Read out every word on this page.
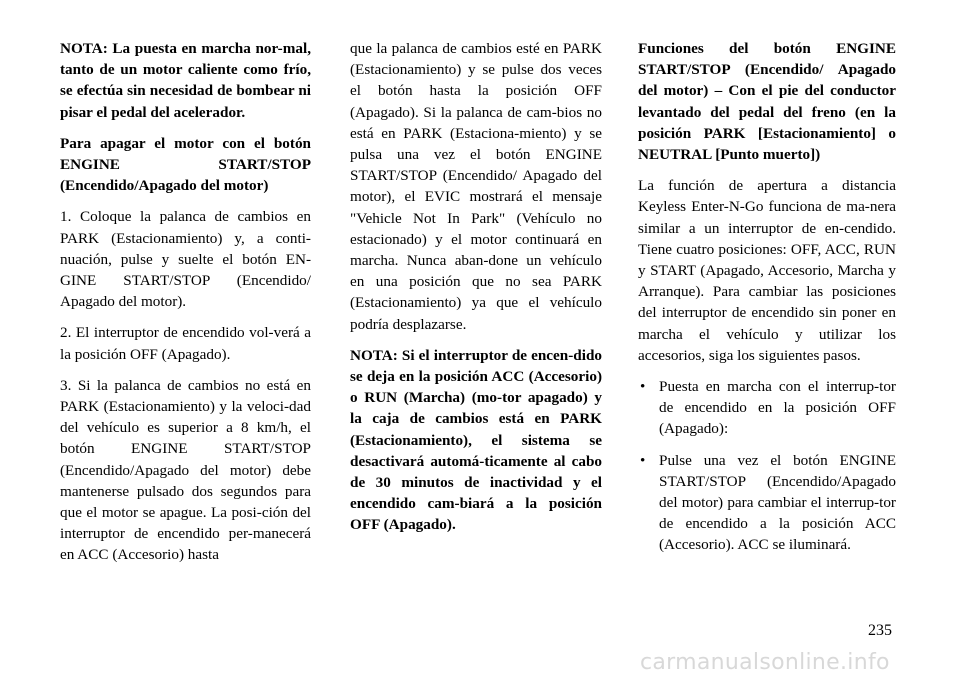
NOTA: La puesta en marcha nor-mal, tanto de un motor caliente como frío, se efectúa sin necesidad de bombear ni pisar el pedal del acelerador.

Para apagar el motor con el botón ENGINE START/STOP (Encendido/Apagado del motor)

1. Coloque la palanca de cambios en PARK (Estacionamiento) y, a conti-nuación, pulse y suelte el botón EN-GINE START/STOP (Encendido/ Apagado del motor).

2. El interruptor de encendido vol-verá a la posición OFF (Apagado).

3. Si la palanca de cambios no está en PARK (Estacionamiento) y la veloci-dad del vehículo es superior a 8 km/h, el botón ENGINE START/STOP (Encendido/Apagado del motor) debe mantenerse pulsado dos segundos para que el motor se apague. La posi-ción del interruptor de encendido per-manecerá en ACC (Accesorio) hasta

que la palanca de cambios esté en PARK (Estacionamiento) y se pulse dos veces el botón hasta la posición OFF (Apagado). Si la palanca de cam-bios no está en PARK (Estaciona-miento) y se pulsa una vez el botón ENGINE START/STOP (Encendido/ Apagado del motor), el EVIC mostrará el mensaje "Vehicle Not In Park" (Vehículo no estacionado) y el motor continuará en marcha. Nunca aban-done un vehículo en una posición que no sea PARK (Estacionamiento) ya que el vehículo podría desplazarse.

NOTA: Si el interruptor de encen-dido se deja en la posición ACC (Accesorio) o RUN (Marcha) (mo-tor apagado) y la caja de cambios está en PARK (Estacionamiento), el sistema se desactivará automá-ticamente al cabo de 30 minutos de inactividad y el encendido cam-biará a la posición OFF (Apagado).

Funciones del botón ENGINE START/STOP (Encendido/ Apagado del motor) – Con el pie del conductor levantado del pedal del freno (en la posición PARK [Estacionamiento] o NEUTRAL [Punto muerto])

La función de apertura a distancia Keyless Enter-N-Go funciona de ma-nera similar a un interruptor de en-cendido. Tiene cuatro posiciones: OFF, ACC, RUN y START (Apagado, Accesorio, Marcha y Arranque). Para cambiar las posiciones del interruptor de encendido sin poner en marcha el vehículo y utilizar los accesorios, siga los siguientes pasos.

• Puesta en marcha con el interrup-tor de encendido en la posición OFF (Apagado):
• Pulse una vez el botón ENGINE START/STOP (Encendido/Apagado del motor) para cambiar el interrup-tor de encendido a la posición ACC (Accesorio). ACC se iluminará.
235
carmanualsonline.info
